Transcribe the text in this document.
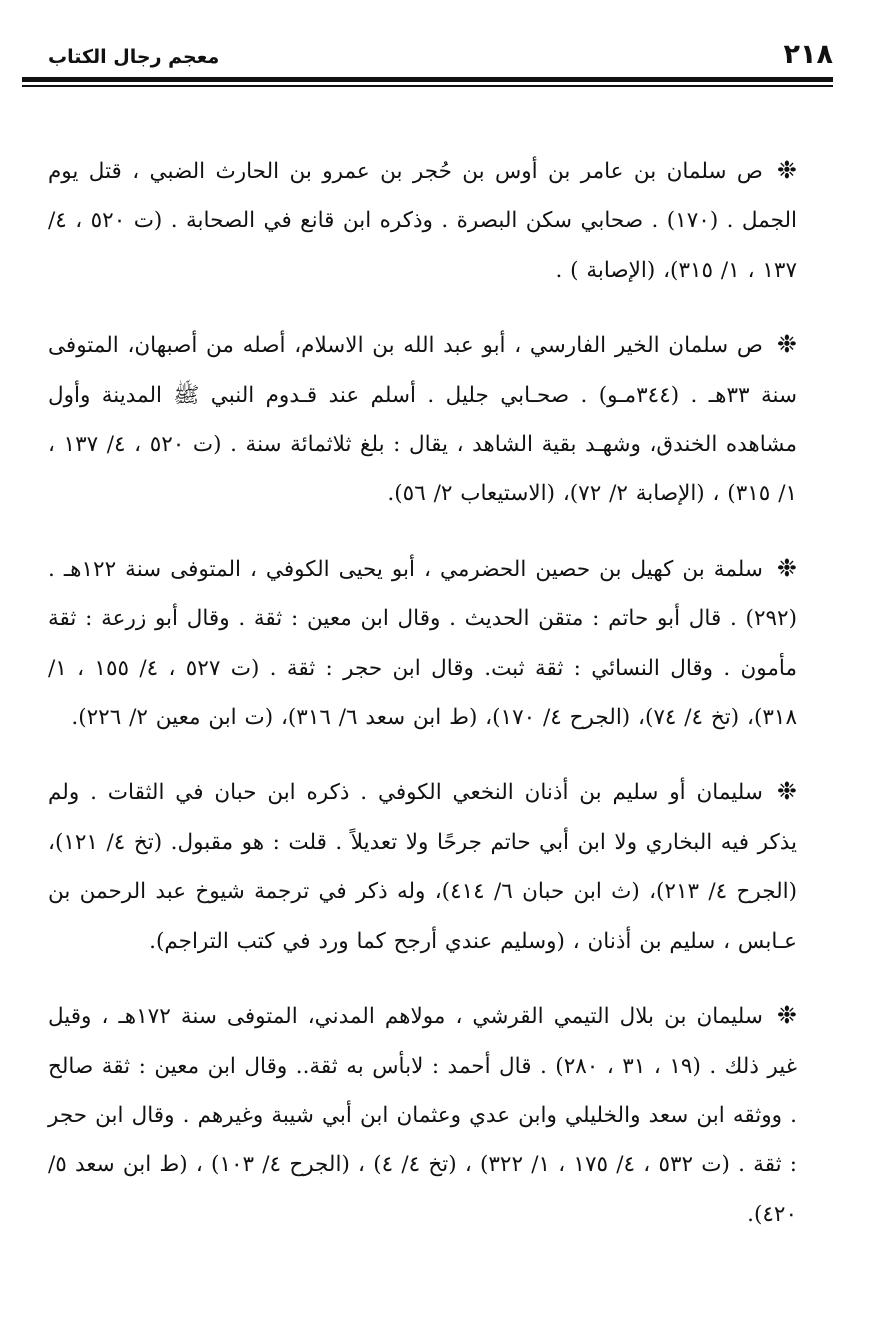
٢١٨
معجم رجال الكتاب

❉ص سلمان بن عامر بن أوس بن حُجر بن عمرو بن الحارث الضبي ، قتل يوم الجمل . (١٧٠) . صحابي سكن البصرة . وذكره ابن قانع في الصحابة . (ت ٥٢٠ ، ٤/ ١٣٧ ، ١/ ٣١٥)، (الإصابة ) .

❉ص سلمان الخير الفارسي ، أبو عبد الله بن الاسلام، أصله من أصبهان، المتوفى سنة ٣٣هـ . (٣٤٤مـو) . صحـابي جليل . أسلم عند قـدوم النبي ﷺ المدينة وأول مشاهده الخندق، وشهـد بقية الشاهد ، يقال : بلغ ثلاثمائة سنة . (ت ٥٢٠ ، ٤/ ١٣٧ ، ١/ ٣١٥) ، (الإصابة ٢/ ٧٢)، (الاستيعاب ٢/ ٥٦).

❉سلمة بن كهيل بن حصين الحضرمي ، أبو يحيى الكوفي ، المتوفى سنة ١٢٢هـ . (٢٩٢) . قال أبو حاتم : متقن الحديث . وقال ابن معين : ثقة . وقال أبو زرعة : ثقة مأمون . وقال النسائي : ثقة ثبت. وقال ابن حجر : ثقة . (ت ٥٢٧ ، ٤/ ١٥٥ ، ١/ ٣١٨)، (تخ ٤/ ٧٤)، (الجرح ٤/ ١٧٠)، (ط ابن سعد ٦/ ٣١٦)، (ت ابن معين ٢/ ٢٢٦).

❉سليمان أو سليم بن أذنان النخعي الكوفي . ذكره ابن حبان في الثقات . ولم يذكر فيه البخاري ولا ابن أبي حاتم جرحًا ولا تعديلاً . قلت : هو مقبول. (تخ ٤/ ١٢١)، (الجرح ٤/ ٢١٣)، (ث ابن حبان ٦/ ٤١٤)، وله ذكر في ترجمة شيوخ عبد الرحمن بن عـابس ، سليم بن أذنان ، (وسليم عندي أرجح كما ورد في كتب التراجم).

❉سليمان بن بلال التيمي القرشي ، مولاهم المدني، المتوفى سنة ١٧٢هـ ، وقيل غير ذلك . (١٩ ، ٣١ ، ٢٨٠) . قال أحمد : لابأس به ثقة.. وقال ابن معين : ثقة صالح . ووثقه ابن سعد والخليلي وابن عدي وعثمان ابن أبي شيبة وغيرهم . وقال ابن حجر : ثقة . (ت ٥٣٢ ، ٤/ ١٧٥ ، ١/ ٣٢٢) ، (تخ ٤/ ٤) ، (الجرح ٤/ ١٠٣) ، (ط ابن سعد ٥/ ٤٢٠).
